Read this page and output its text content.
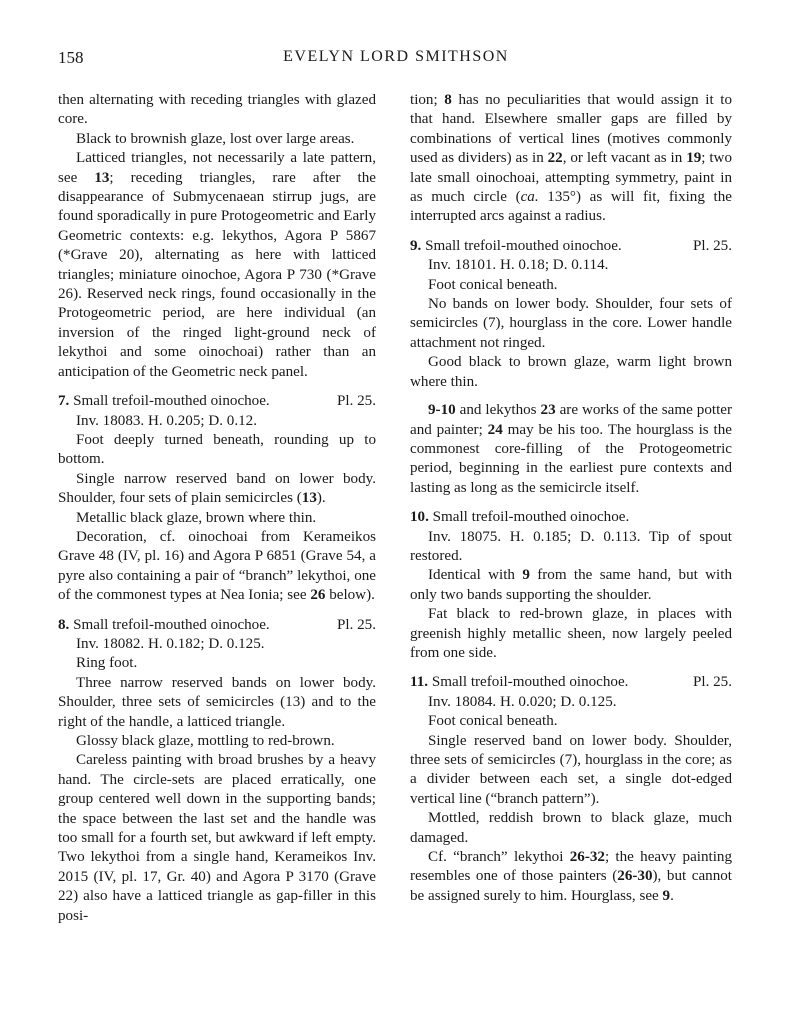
158	EVELYN LORD SMITHSON

then alternating with receding triangles with glazed core.

Black to brownish glaze, lost over large areas.

Latticed triangles, not necessarily a late pattern, see 13; receding triangles, rare after the disappearance of Submycenaean stirrup jugs, are found sporadically in pure Protogeometric and Early Geometric contexts: e.g. lekythos, Agora P 5867 (*Grave 20), alternating as here with latticed triangles; miniature oinochoe, Agora P 730 (*Grave 26). Reserved neck rings, found occasionally in the Protogeometric period, are here individual (an inversion of the ringed light-ground neck of lekythoi and some oinochoai) rather than an anticipation of the Geometric neck panel.

7. Small trefoil-mouthed oinochoe.	Pl. 25.

Inv. 18083. H. 0.205; D. 0.12.

Foot deeply turned beneath, rounding up to bottom.

Single narrow reserved band on lower body. Shoulder, four sets of plain semicircles (13).

Metallic black glaze, brown where thin.

Decoration, cf. oinochoai from Kerameikos Grave 48 (IV, pl. 16) and Agora P 6851 (Grave 54, a pyre also containing a pair of “branch” lekythoi, one of the commonest types at Nea Ionia; see 26 below).

8. Small trefoil-mouthed oinochoe.	Pl. 25.

Inv. 18082. H. 0.182; D. 0.125.

Ring foot.

Three narrow reserved bands on lower body. Shoulder, three sets of semicircles (13) and to the right of the handle, a latticed triangle.

Glossy black glaze, mottling to red-brown.

Careless painting with broad brushes by a heavy hand. The circle-sets are placed erratically, one group centered well down in the supporting bands; the space between the last set and the handle was too small for a fourth set, but awkward if left empty. Two lekythoi from a single hand, Kerameikos Inv. 2015 (IV, pl. 17, Gr. 40) and Agora P 3170 (Grave 22) also have a latticed triangle as gap-filler in this posi-

tion; 8 has no peculiarities that would assign it to that hand. Elsewhere smaller gaps are filled by combinations of vertical lines (motives commonly used as dividers) as in 22, or left vacant as in 19; two late small oinochoai, attempting symmetry, paint in as much circle (ca. 135°) as will fit, fixing the interrupted arcs against a radius.

9. Small trefoil-mouthed oinochoe.	Pl. 25.

Inv. 18101. H. 0.18; D. 0.114.

Foot conical beneath.

No bands on lower body. Shoulder, four sets of semicircles (7), hourglass in the core. Lower handle attachment not ringed.

Good black to brown glaze, warm light brown where thin.

9-10 and lekythos 23 are works of the same potter and painter; 24 may be his too. The hourglass is the commonest core-filling of the Protogeometric period, beginning in the earliest pure contexts and lasting as long as the semicircle itself.

10. Small trefoil-mouthed oinochoe.

Inv. 18075. H. 0.185; D. 0.113. Tip of spout restored.

Identical with 9 from the same hand, but with only two bands supporting the shoulder.

Fat black to red-brown glaze, in places with greenish highly metallic sheen, now largely peeled from one side.

11. Small trefoil-mouthed oinochoe.	Pl. 25.

Inv. 18084. H. 0.020; D. 0.125.

Foot conical beneath.

Single reserved band on lower body. Shoulder, three sets of semicircles (7), hourglass in the core; as a divider between each set, a single dot-edged vertical line (“branch pattern”).

Mottled, reddish brown to black glaze, much damaged.

Cf. “branch” lekythoi 26-32; the heavy painting resembles one of those painters (26-30), but cannot be assigned surely to him. Hourglass, see 9.
